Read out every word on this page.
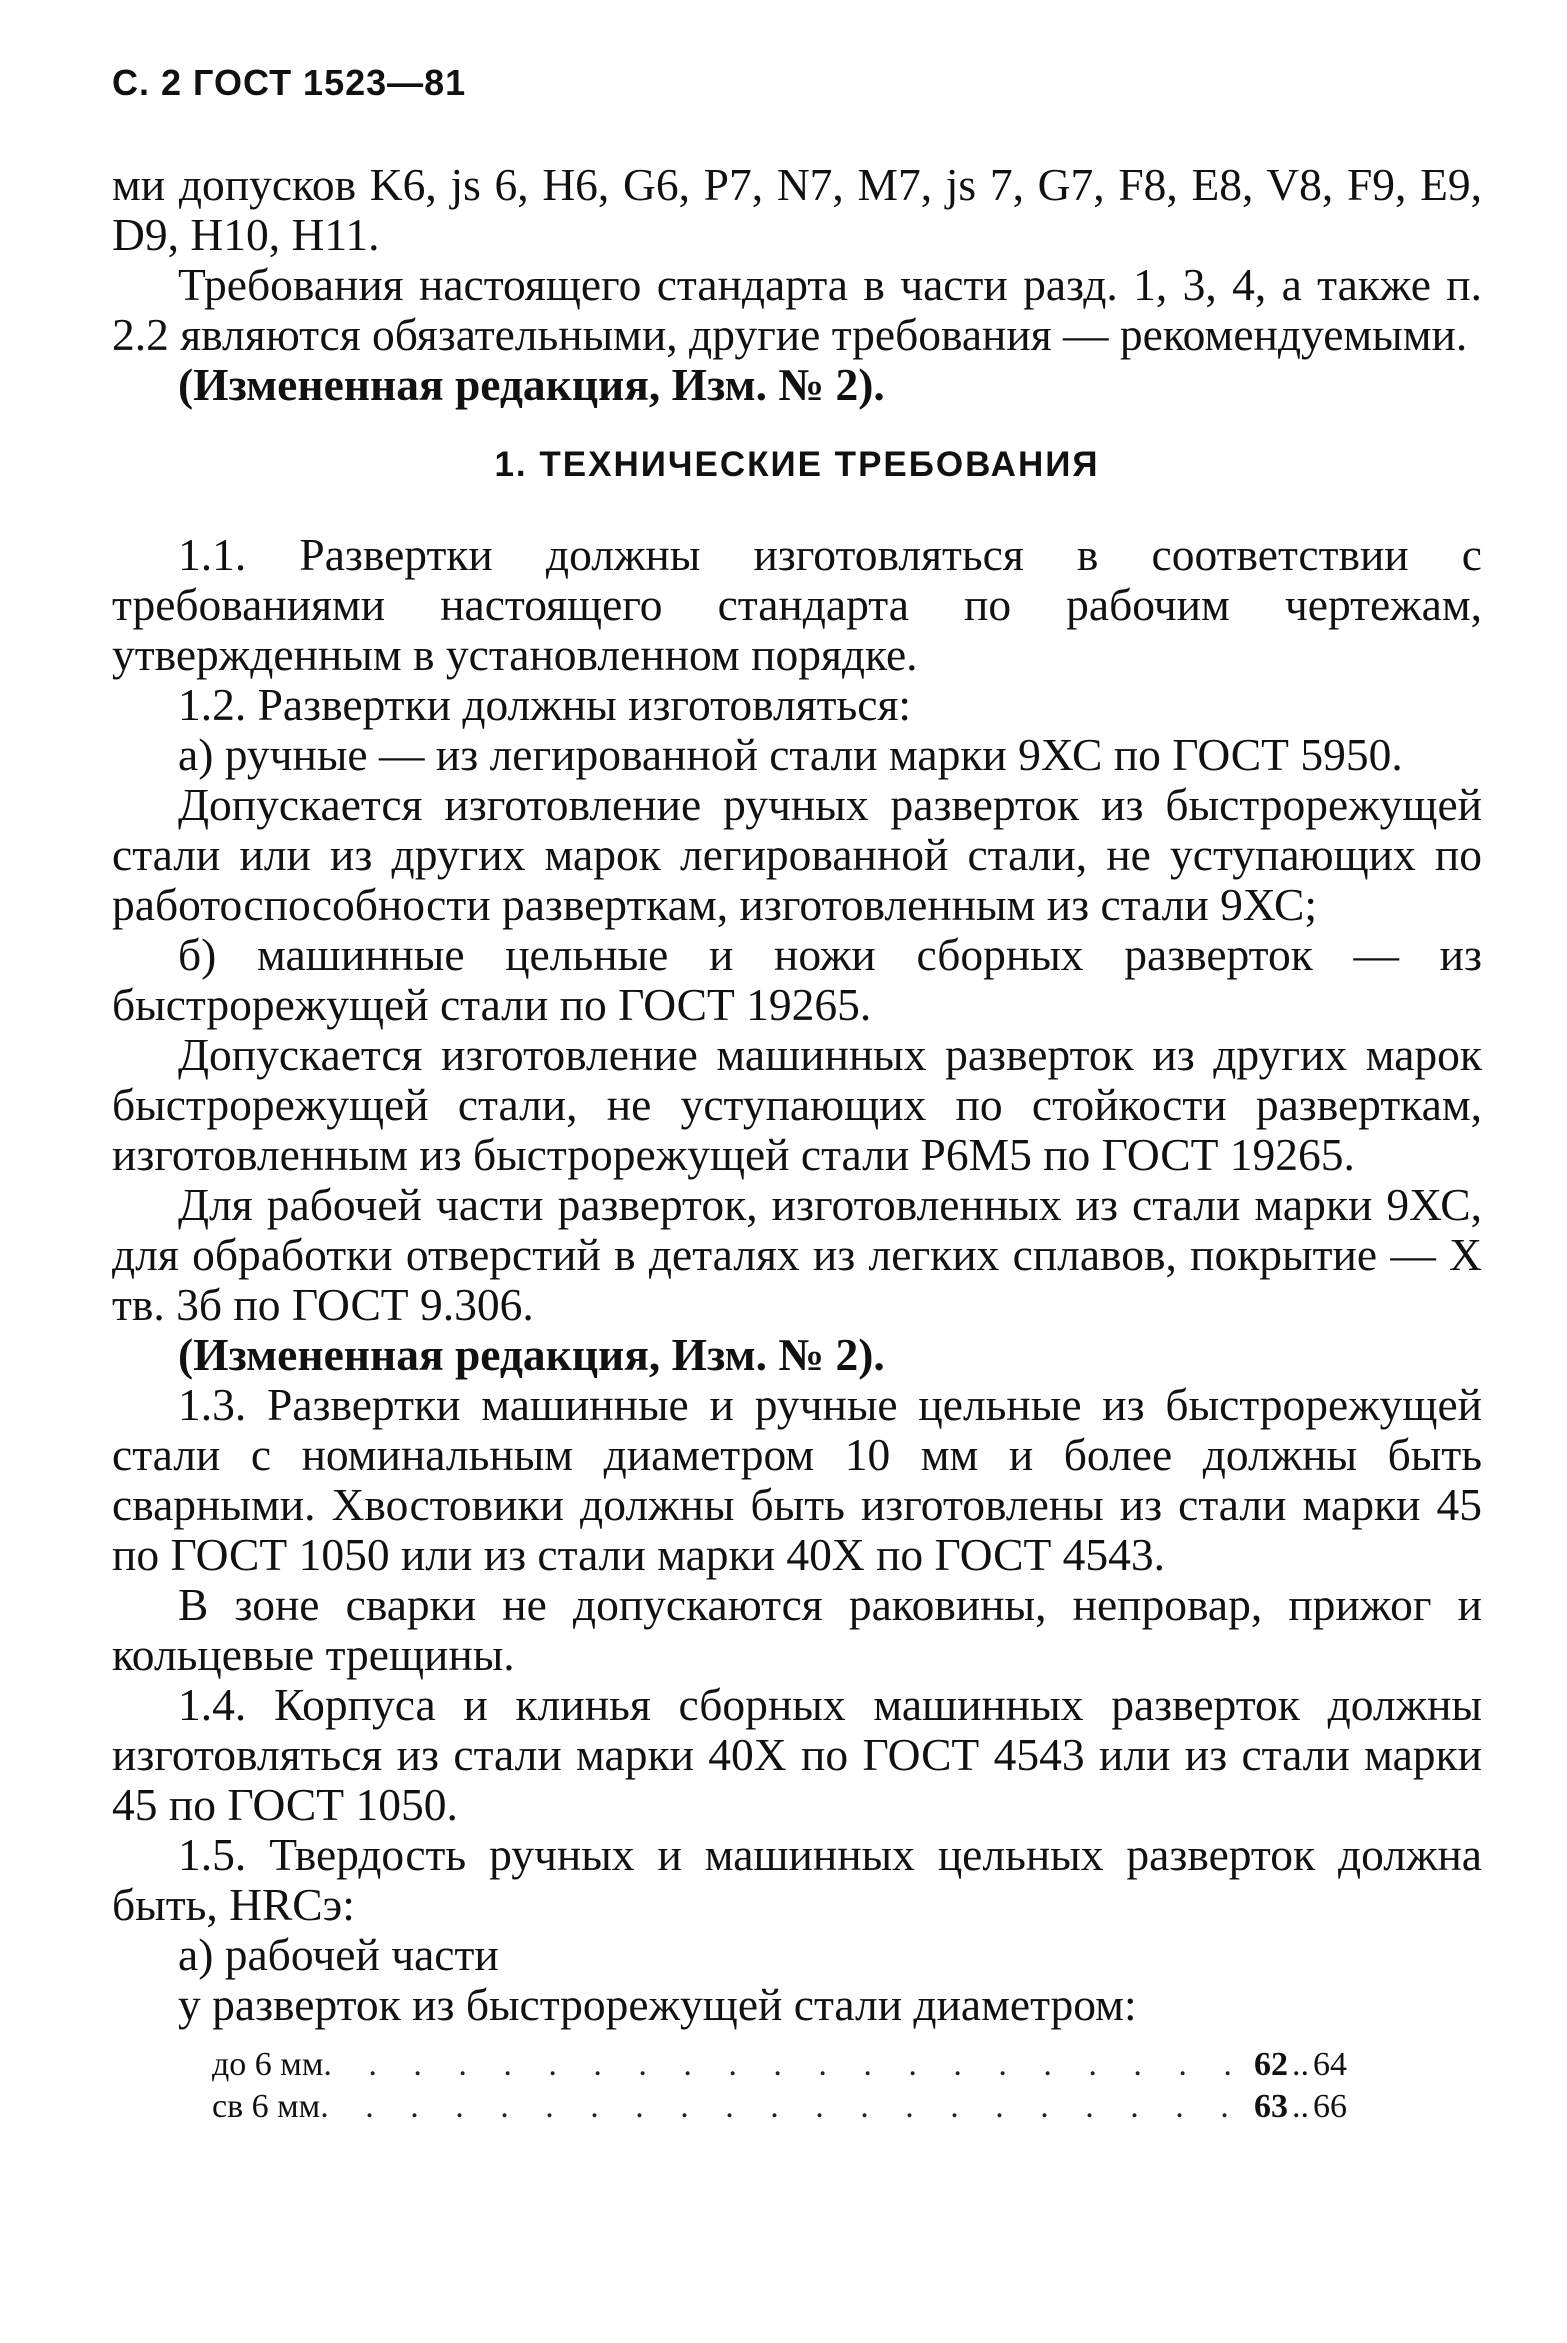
С. 2 ГОСТ 1523—81

ми допусков K6, js 6, H6, G6, P7, N7, M7, js 7, G7, F8, E8, V8, F9, E9, D9, H10, H11.

Требования настоящего стандарта в части разд. 1, 3, 4, а также п. 2.2 являются обязательными, другие требования — рекомендуемыми.

(Измененная редакция, Изм. № 2).

1. ТЕХНИЧЕСКИЕ ТРЕБОВАНИЯ

1.1. Развертки должны изготовляться в соответствии с требованиями настоящего стандарта по рабочим чертежам, утвержденным в установленном порядке.

1.2. Развертки должны изготовляться:

а) ручные — из легированной стали марки 9ХС по ГОСТ 5950.

Допускается изготовление ручных разверток из быстрорежущей стали или из других марок легированной стали, не уступающих по работоспособности разверткам, изготовленным из стали 9ХС;

б) машинные цельные и ножи сборных разверток — из быстрорежущей стали по ГОСТ 19265.

Допускается изготовление машинных разверток из других марок быстрорежущей стали, не уступающих по стойкости разверткам, изготовленным из быстрорежущей стали Р6М5 по ГОСТ 19265.

Для рабочей части разверток, изготовленных из стали марки 9ХС, для обработки отверстий в деталях из легких сплавов, покрытие — Х тв. 3б по ГОСТ 9.306.

(Измененная редакция, Изм. № 2).

1.3. Развертки машинные и ручные цельные из быстрорежущей стали с номинальным диаметром 10 мм и более должны быть сварными. Хвостовики должны быть изготовлены из стали марки 45 по ГОСТ 1050 или из стали марки 40Х по ГОСТ 4543.

В зоне сварки не допускаются раковины, непровар, прижог и кольцевые трещины.

1.4. Корпуса и клинья сборных машинных разверток должны изготовляться из стали марки 40Х по ГОСТ 4543 или из стали марки 45 по ГОСТ 1050.

1.5. Твердость ручных и машинных цельных разверток должна быть, HRCэ:

а) рабочей части

у разверток из быстрорежущей стали диаметром:

до 6 мм . . .	62 .. 64
св 6 мм . . .	63 .. 66
